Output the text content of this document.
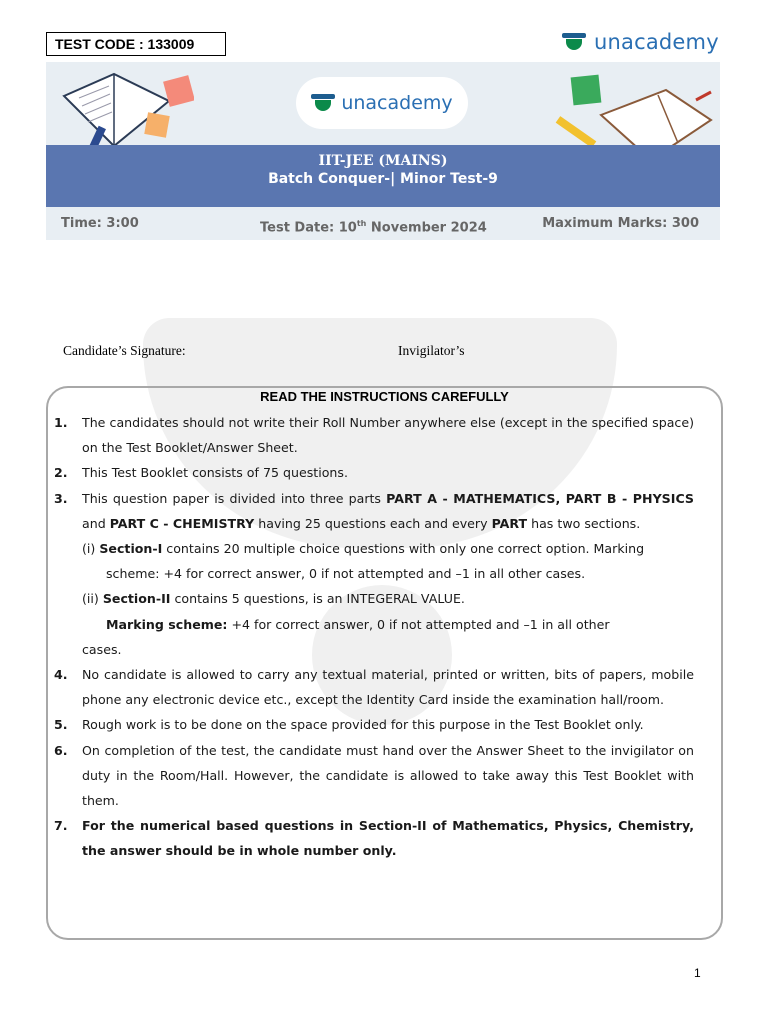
TEST CODE : 133009	unacademy
unacademy
IIT-JEE (MAINS)
Batch Conquer-| Minor Test-9
Time: 3:00	Test Date: 10th November 2024	Maximum Marks: 300
Candidate’s Signature:	Invigilator’s
READ THE INSTRUCTIONS CAREFULLY
1.	The candidates should not write their Roll Number anywhere else (except in the specified space) on the Test Booklet/Answer Sheet.
2.	This Test Booklet consists of 75 questions.
3.	This question paper is divided into three parts PART A - MATHEMATICS, PART B - PHYSICS and PART C - CHEMISTRY having 25 questions each and every PART has two sections.
(i) Section-I contains 20 multiple choice questions with only one correct option. Marking
scheme: +4 for correct answer, 0 if not attempted and –1 in all other cases.
(ii) Section-II contains 5 questions, is an INTEGERAL VALUE.
Marking scheme: +4 for correct answer, 0 if not attempted and –1 in all other
cases.
4.	No candidate is allowed to carry any textual material, printed or written, bits of papers, mobile phone any electronic device etc., except the Identity Card inside the examination hall/room.
5.	Rough work is to be done on the space provided for this purpose in the Test Booklet only.
6.	On completion of the test, the candidate must hand over the Answer Sheet to the invigilator on duty in the Room/Hall. However, the candidate is allowed to take away this Test Booklet with them.
7.	For the numerical based questions in Section-II of Mathematics, Physics, Chemistry, the answer should be in whole number only.
1
